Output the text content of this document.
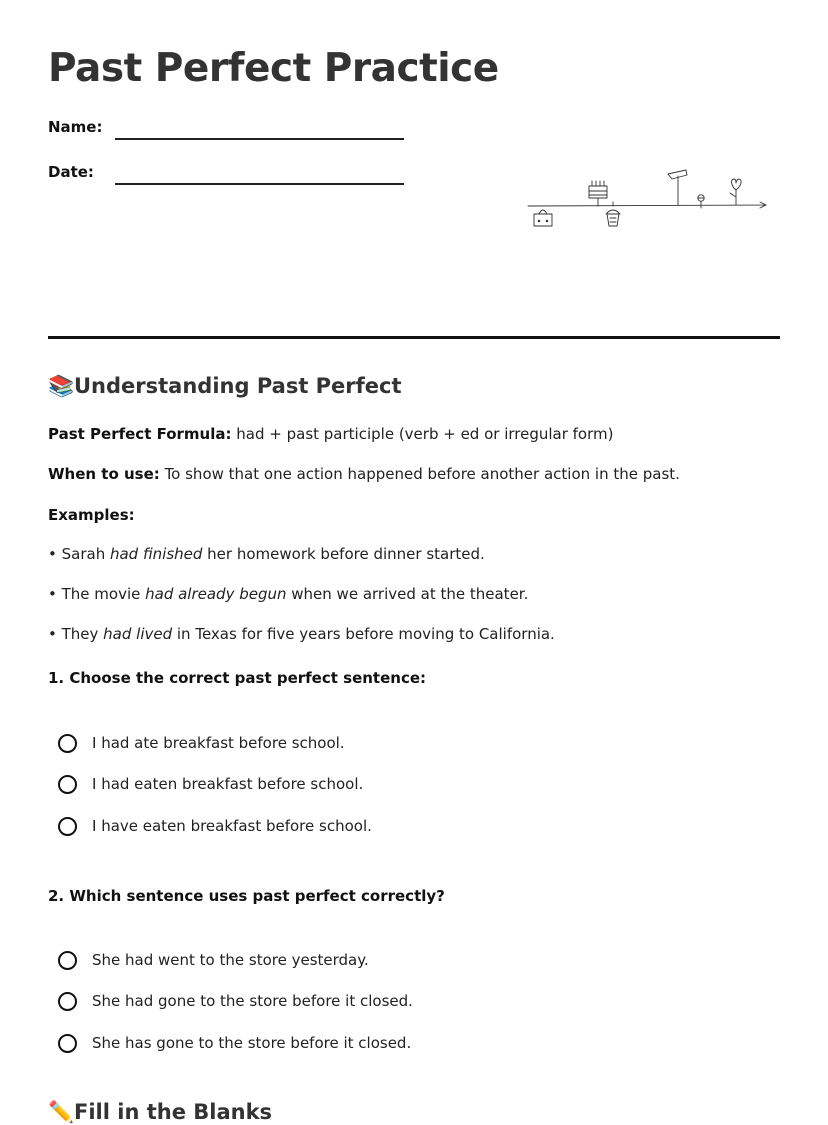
Past Perfect Practice
Name:
Date:
📚Understanding Past Perfect
Past Perfect Formula: had + past participle (verb + ed or irregular form)
When to use: To show that one action happened before another action in the past.
Examples:
• Sarah had finished her homework before dinner started.
• The movie had already begun when we arrived at the theater.
• They had lived in Texas for five years before moving to California.
1. Choose the correct past perfect sentence:
I had ate breakfast before school.
I had eaten breakfast before school.
I have eaten breakfast before school.
2. Which sentence uses past perfect correctly?
She had went to the store yesterday.
She had gone to the store before it closed.
She has gone to the store before it closed.
✏️Fill in the Blanks
